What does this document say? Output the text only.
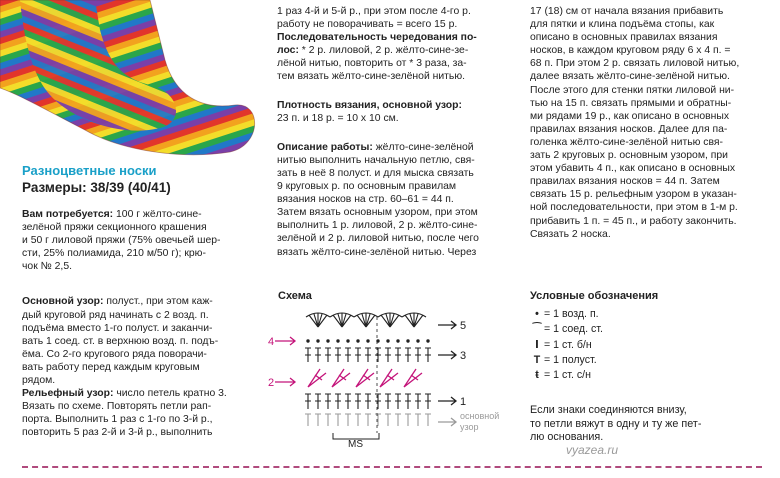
Разноцветные носки
Размеры: 38/39 (40/41)

Вам потребуется: 100 г жёлто-сине-
зелёной пряжи секционного крашения
и 50 г лиловой пряжи (75% овечьей шер-
сти, 25% полиамида, 210 м/50 г); крю-
чок № 2,5.

Основной узор: полуст., при этом каж-
дый круговой ряд начинать с 2 возд. п.
подъёма вместо 1-го полуст. и заканчи-
вать 1 соед. ст. в верхнюю возд. п. подъ-
ёма. Со 2-го кругового ряда поворачи-
вать работу перед каждым круговым
рядом.

Рельефный узор: число петель кратно 3.
Вязать по схеме. Повторять петли рап-
порта. Выполнить 1 раз с 1-го по 3-й р.,
повторить 5 раз 2-й и 3-й р., выполнить

1 раз 4-й и 5-й р., при этом после 4-го р.
работу не поворачивать = всего 15 р.

Последовательность чередования по-
лос: * 2 р. лиловой, 2 р. жёлто-сине-зе-
лёной нитью, повторить от * 3 раза, за-
тем вязать жёлто-сине-зелёной нитью.

Плотность вязания, основной узор:
23 п. и 18 р. = 10 х 10 см.

Описание работы: жёлто-сине-зелёной
нитью выполнить начальную петлю, свя-
зать в неё 8 полуст. и для мыска связать
9 круговых р. по основным правилам
вязания носков на стр. 60–61 = 44 п.
Затем вязать основным узором, при этом
выполнить 1 р. лиловой, 2 р. жёлто-сине-
зелёной и 2 р. лиловой нитью, после чего
вязать жёлто-сине-зелёной нитью. Через

17 (18) см от начала вязания прибавить
для пятки и клина подъёма стопы, как
описано в основных правилах вязания
носков, в каждом круговом ряду 6 х 4 п. =
68 п. При этом 2 р. связать лиловой нитью,
далее вязать жёлто-сине-зелёной нитью.
После этого для стенки пятки лиловой ни-
тью на 15 п. связать прямыми и обратны-
ми рядами 19 р., как описано в основных
правилах вязания носков. Далее для па-
голенка жёлто-сине-зелёной нитью свя-
зать 2 круговых р. основным узором, при
этом убавить 4 п., как описано в основных
правилах вязания носков = 44 п. Затем
связать 15 р. рельефным узором в указан-
ной последовательности, при этом в 1-м р.
прибавить 1 п. = 45 п., и работу закончить.
Связать 2 носка.

Схема
5
4
3
2
1
основной
узор
MS
Условные обозначения
• = 1 возд. п.
⁀ = 1 соед. ст.
ⅼ = 1 ст. б/н
Т = 1 полуст.
ŧ = 1 ст. с/н
Если знаки соединяются внизу,
то петли вяжут в одну и ту же пет-
лю основания.
vyazea.ru
